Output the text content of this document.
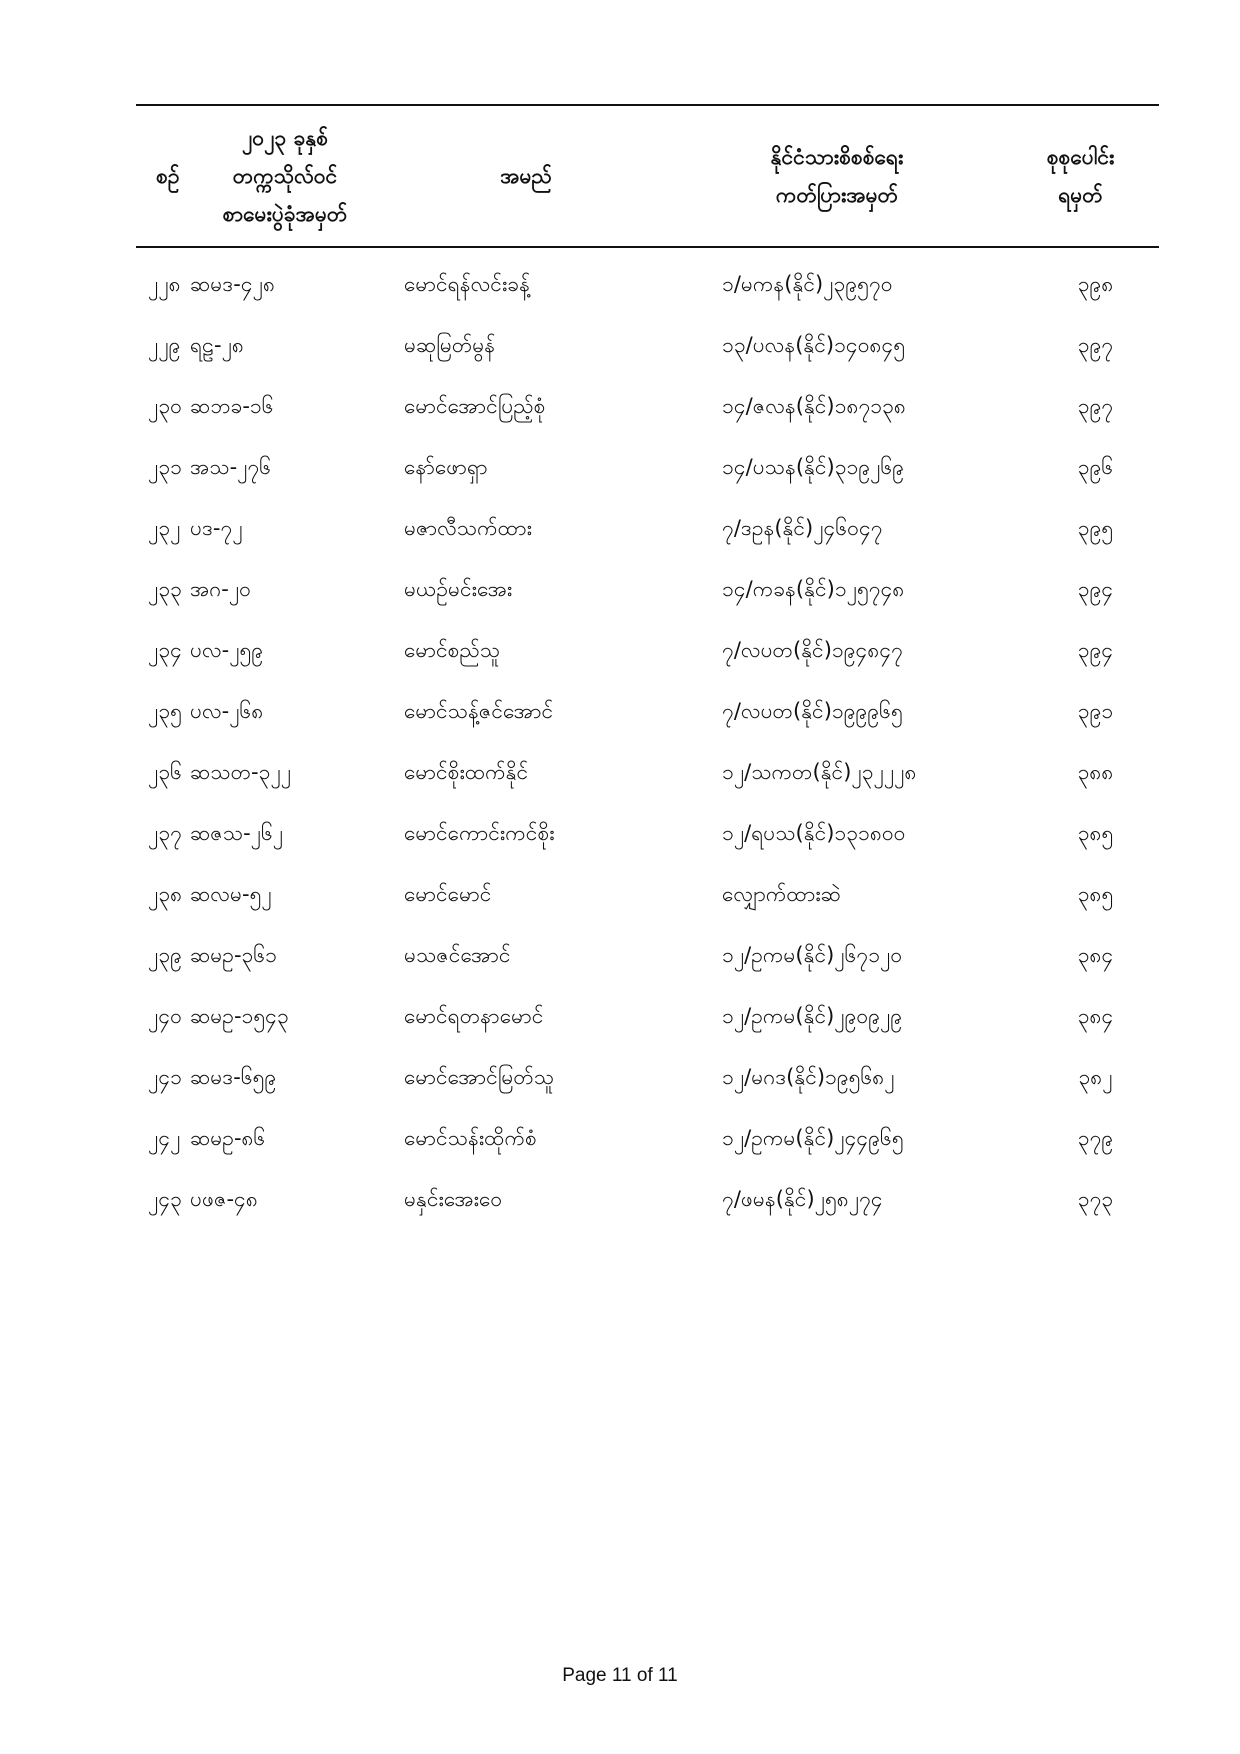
စဉ်	၂၀၂၃ ခုနှစ်
တက္ကသိုလ်ဝင်
စာမေးပွဲခုံအမှတ်	အမည်	နိုင်ငံသားစိစစ်ရေး
ကတ်ပြားအမှတ်	စုစုပေါင်း
ရမှတ်

၂၂၈	ဆမဒ-၄၂၈	မောင်ရန်လင်းခန့်	၁/မကန(နိုင်)၂၃၉၅၇၀	၃၉၈
၂၂၉	ရဠ-၂၈	မဆုမြတ်မွန်	၁၃/ပလန(နိုင်)၁၄၀၈၄၅	၃၉၇
၂၃၀	ဆဘခ-၁၆	မောင်အောင်ပြည့်စုံ	၁၄/ဇလန(နိုင်)၁၈၇၁၃၈	၃၉၇
၂၃၁	အသ-၂၇၆	နော်ဖောရှာ	၁၄/ပသန(နိုင်)၃၁၉၂၆၉	၃၉၆
၂၃၂	ပဒ-၇၂	မဇာလီသက်ထား	၇/ဒဥန(နိုင်)၂၄၆၀၄၇	၃၉၅
၂၃၃	အဂ-၂၀	မယဉ်မင်းအေး	၁၄/ကခန(နိုင်)၁၂၅၇၄၈	၃၉၄
၂၃၄	ပလ-၂၅၉	မောင်စည်သူ	၇/လပတ(နိုင်)၁၉၄၈၄၇	၃၉၄
၂၃၅	ပလ-၂၆၈	မောင်သန့်ဇင်အောင်	၇/လပတ(နိုင်)၁၉၉၉၆၅	၃၉၁
၂၃၆	ဆသတ-၃၂၂	မောင်စိုးထက်နိုင်	၁၂/သကတ(နိုင်)၂၃၂၂၂၈	၃၈၈
၂၃၇	ဆဇသ-၂၆၂	မောင်ကောင်းကင်စိုး	၁၂/ရပသ(နိုင်)၁၃၁၈၀၀	၃၈၅
၂၃၈	ဆလမ-၅၂	မောင်မောင်	လျှောက်ထားဆဲ	၃၈၅
၂၃၉	ဆမဥ-၃၆၁	မသဇင်အောင်	၁၂/ဥကမ(နိုင်)၂၆၇၁၂၀	၃၈၄
၂၄၀	ဆမဥ-၁၅၄၃	မောင်ရတနာမောင်	၁၂/ဥကမ(နိုင်)၂၉၀၉၂၉	၃၈၄
၂၄၁	ဆမဒ-၆၅၉	မောင်အောင်မြတ်သူ	၁၂/မဂဒ(နိုင်)၁၉၅၆၈၂	၃၈၂
၂၄၂	ဆမဥ-၈၆	မောင်သန်းထိုက်စံ	၁၂/ဥကမ(နိုင်)၂၄၄၉၆၅	၃၇၉
၂၄၃	ပဖဇ-၄၈	မနှင်းအေးဝေ	၇/ဖမန(နိုင်)၂၅၈၂၇၄	၃၇၃
Page 11 of 11
